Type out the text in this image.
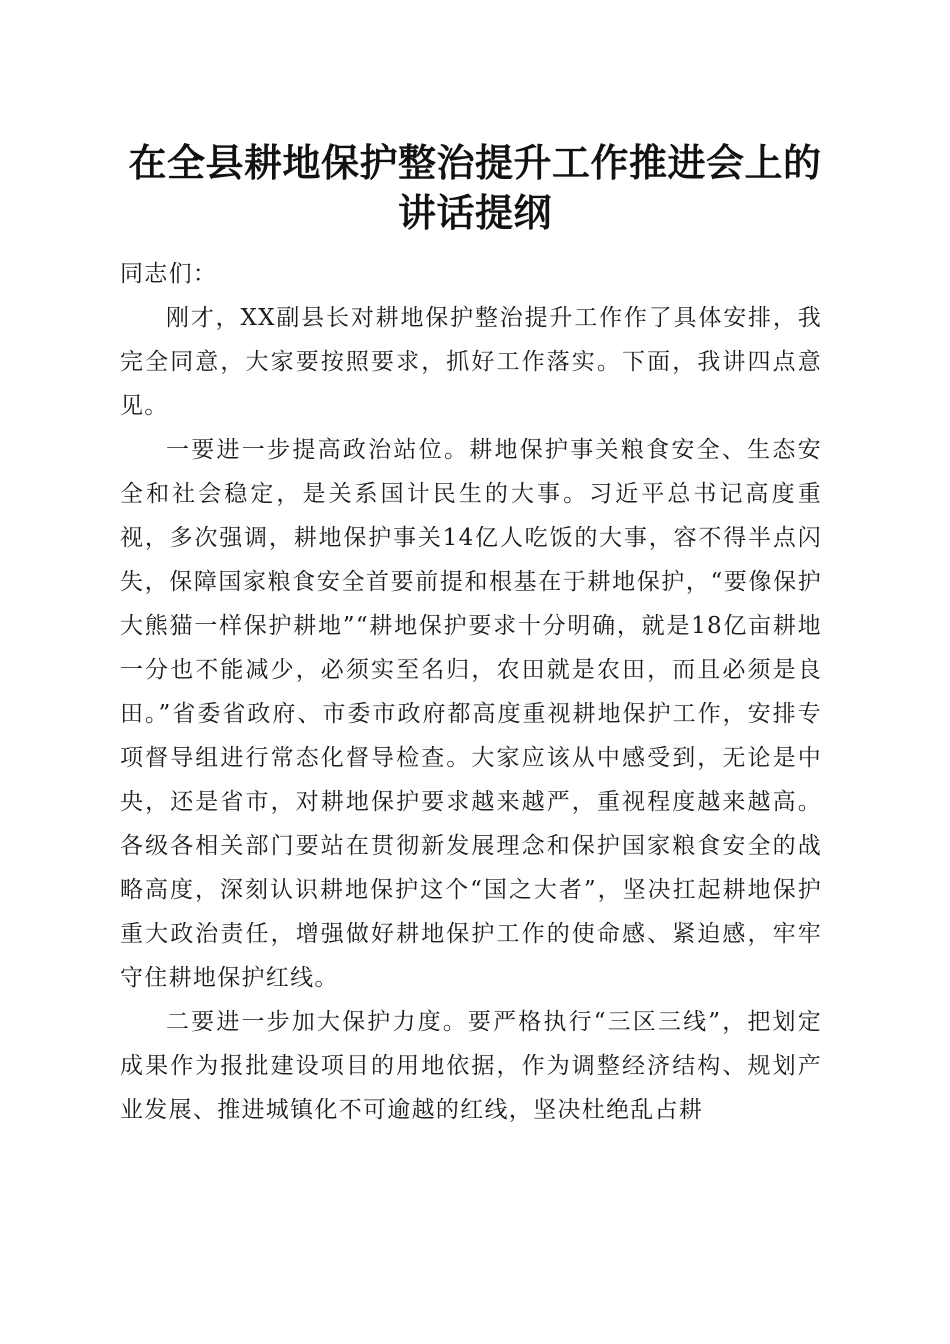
在全县耕地保护整治提升工作推进会上的讲话提纲

同志们：

刚才，XX副县长对耕地保护整治提升工作作了具体安排，我完全同意，大家要按照要求，抓好工作落实。下面，我讲四点意见。

一要进一步提高政治站位。耕地保护事关粮食安全、生态安全和社会稳定，是关系国计民生的大事。习近平总书记高度重视，多次强调，耕地保护事关14亿人吃饭的大事，容不得半点闪失，保障国家粮食安全首要前提和根基在于耕地保护，“要像保护大熊猫一样保护耕地”“耕地保护要求十分明确，就是18亿亩耕地一分也不能减少，必须实至名归，农田就是农田，而且必须是良田。”省委省政府、市委市政府都高度重视耕地保护工作，安排专项督导组进行常态化督导检查。大家应该从中感受到，无论是中央，还是省市，对耕地保护要求越来越严，重视程度越来越高。各级各相关部门要站在贯彻新发展理念和保护国家粮食安全的战略高度，深刻认识耕地保护这个“国之大者”，坚决扛起耕地保护重大政治责任，增强做好耕地保护工作的使命感、紧迫感，牢牢守住耕地保护红线。

二要进一步加大保护力度。要严格执行“三区三线”，把划定成果作为报批建设项目的用地依据，作为调整经济结构、规划产业发展、推进城镇化不可逾越的红线，坚决杜绝乱占耕
